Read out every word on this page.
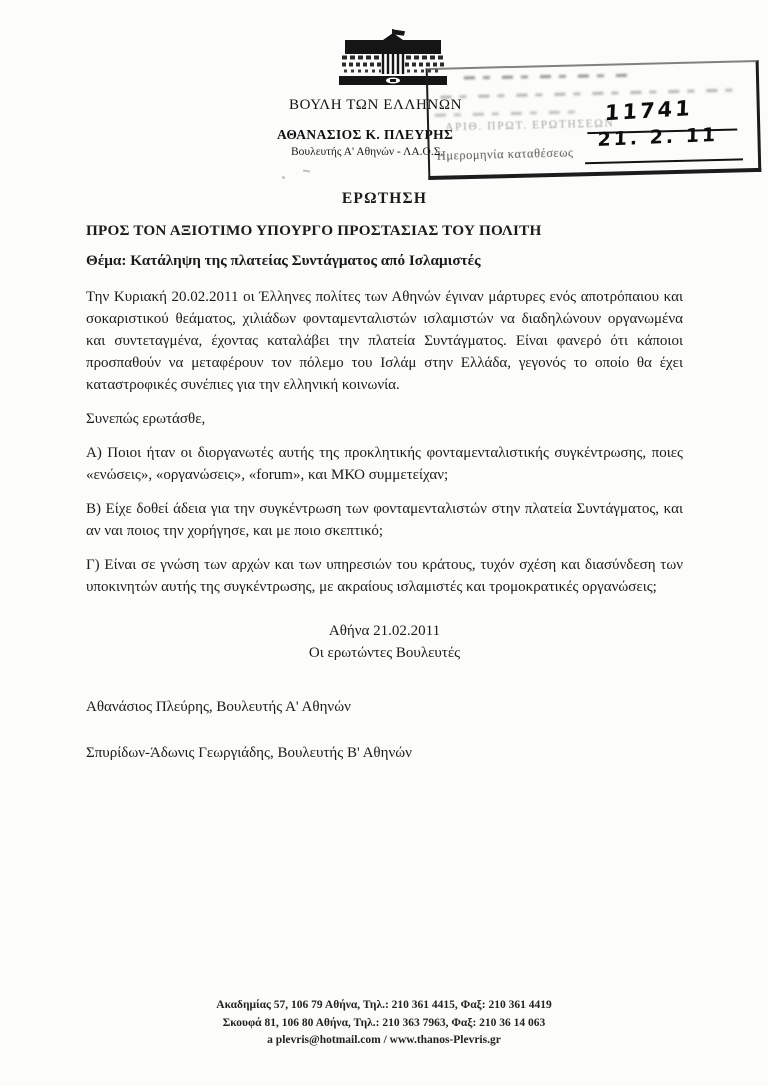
ΒΟΥΛΗ ΤΩΝ ΕΛΛΗΝΩΝ
ΑΘΑΝΑΣΙΟΣ Κ. ΠΛΕΥΡΗΣ
Βουλευτής Α' Αθηνών - ΛΑ.Ο.Σ.
ΑΡΙΘ. ΠΡΩΤ. ΕΡΩΤΗΣΕΩΝ
11741
Ημερομηνία καταθέσεως
21. 2. 11
ΕΡΩΤΗΣΗ
ΠΡΟΣ ΤΟΝ ΑΞΙΟΤΙΜΟ ΥΠΟΥΡΓΟ ΠΡΟΣΤΑΣΙΑΣ ΤΟΥ ΠΟΛΙΤΗ
Θέμα: Κατάληψη της πλατείας Συντάγματος από Ισλαμιστές

Την Κυριακή 20.02.2011 οι Έλληνες πολίτες των Αθηνών έγιναν μάρτυρες ενός αποτρόπαιου και σοκαριστικού θεάματος, χιλιάδων φονταμενταλιστών ισλαμιστών να διαδηλώνουν οργανωμένα και συντεταγμένα, έχοντας καταλάβει την πλατεία Συντάγματος. Είναι φανερό ότι κάποιοι προσπαθούν να μεταφέρουν τον πόλεμο του Ισλάμ στην Ελλάδα, γεγονός το οποίο θα έχει καταστροφικές συνέπιες για την ελληνική κοινωνία.

Συνεπώς ερωτάσθε,

Α) Ποιοι ήταν οι διοργανωτές αυτής της προκλητικής φονταμενταλιστικής συγκέντρωσης, ποιες «ενώσεις», «οργανώσεις», «forum», και ΜΚΟ συμμετείχαν;

Β) Είχε δοθεί άδεια για την συγκέντρωση των φονταμενταλιστών στην πλατεία Συντάγματος, και αν ναι ποιος την χορήγησε, και με ποιο σκεπτικό;

Γ) Είναι σε γνώση των αρχών και των υπηρεσιών του κράτους, τυχόν σχέση και διασύνδεση των υποκινητών αυτής της συγκέντρωσης, με ακραίους ισλαμιστές και τρομοκρατικές οργανώσεις;

Αθήνα 21.02.2011
Οι ερωτώντες Βουλευτές
Αθανάσιος Πλεύρης, Βουλευτής Α' Αθηνών
Σπυρίδων-Άδωνις Γεωργιάδης, Βουλευτής Β' Αθηνών
Ακαδημίας 57, 106 79 Αθήνα, Τηλ.: 210 361 4415, Φαξ: 210 361 4419
Σκουφά 81, 106 80 Αθήνα, Τηλ.: 210 363 7963, Φαξ: 210 36 14 063
a plevris@hotmail.com / www.thanos-Plevris.gr
